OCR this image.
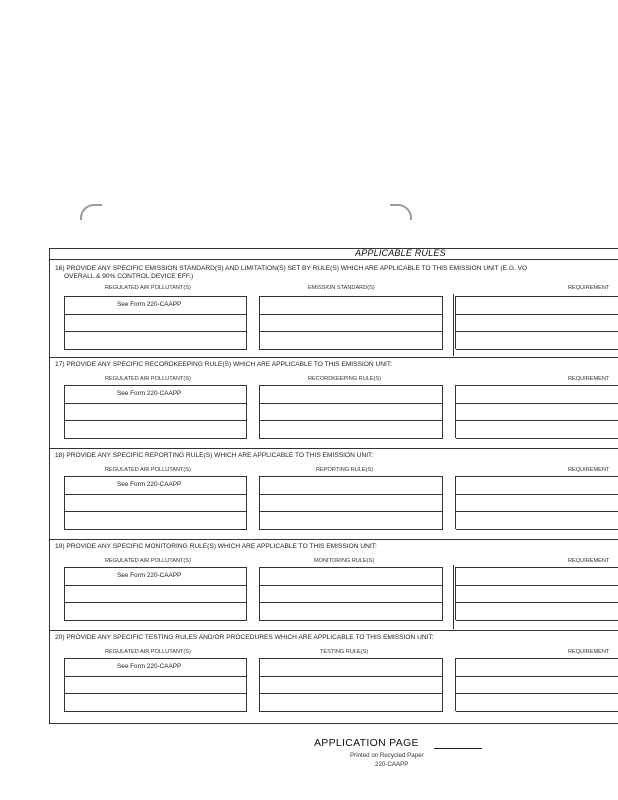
APPLICABLE RULES
16) PROVIDE ANY SPECIFIC EMISSION STANDARD(S) AND LIMITATION(S) SET BY RULE(S) WHICH ARE APPLICABLE TO THIS EMISSION UNIT (E.G. VO
OVERALL & 90% CONTROL DEVICE EFF.)
REGULATED AIR POLLUTANT(S)	EMISSION STANDARD(S)	REQUIREMENT
See Form 220-CAAPP
17) PROVIDE ANY SPECIFIC RECORDKEEPING RULE(S) WHICH ARE APPLICABLE TO THIS EMISSION UNIT:
REGULATED AIR POLLUTANT(S)	RECORDKEEPING RULE(S)	REQUIREMENT
See Form 220-CAAPP
18) PROVIDE ANY SPECIFIC REPORTING RULE(S) WHICH ARE APPLICABLE TO THIS EMISSION UNIT:
REGULATED AIR POLLUTANT(S)	REPORTING RULE(S)	REQUIREMENT
See Form 220-CAAPP
19) PROVIDE ANY SPECIFIC MONITORING RULE(S) WHICH ARE APPLICABLE TO THIS EMISSION UNIT:
REGULATED AIR POLLUTANT(S)	MONITORING RULE(S)	REQUIREMENT
See Form 220-CAAPP
20) PROVIDE ANY SPECIFIC TESTING RULES AND/OR PROCEDURES WHICH ARE APPLICABLE TO THIS EMISSION UNIT:
REGULATED AIR POLLUTANT(S)	TESTING RULE(S)	REQUIREMENT
See Form 220-CAAPP
APPLICATION PAGE
Printed on Recycled Paper
220-CAAPP
